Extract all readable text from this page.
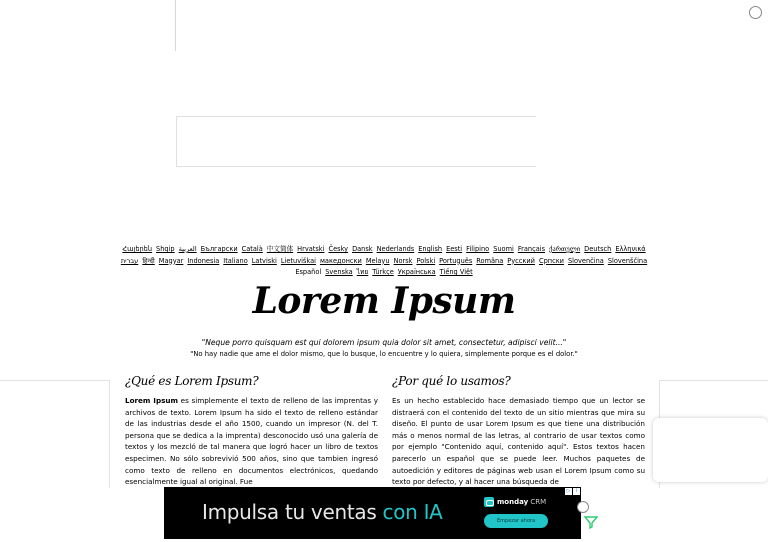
Հայերեն Shqip العربية Български Català 中文简体 Hrvatski Česky Dansk Nederlands English Eesti Filipino Suomi Français ქართული Deutsch Ελληνικά
עברית हिन्दी Magyar Indonesia Italiano Latviski Lietuviškai македонски Melayu Norsk Polski Português Româna Pyccкий Српски Slovenčina Slovenščina
Español Svenska ไทย Türkçe Українська Tiếng Việt
Lorem Ipsum
"Neque porro quisquam est qui dolorem ipsum quia dolor sit amet, consectetur, adipisci velit..."
"No hay nadie que ame el dolor mismo, que lo busque, lo encuentre y lo quiera, simplemente porque es el dolor."
¿Qué es Lorem Ipsum?

Lorem Ipsum es simplemente el texto de relleno de las imprentas y archivos de texto. Lorem Ipsum ha sido el texto de relleno estándar de las industrias desde el año 1500, cuando un impresor (N. del T. persona que se dedica a la imprenta) desconocido usó una galería de textos y los mezcló de tal manera que logró hacer un libro de textos especimen. No sólo sobrevivió 500 años, sino que tambien ingresó como texto de relleno en documentos electrónicos, quedando esencialmente igual al original. Fue

¿Por qué lo usamos?

Es un hecho establecido hace demasiado tiempo que un lector se distraerá con el contenido del texto de un sitio mientras que mira su diseño. El punto de usar Lorem Ipsum es que tiene una distribución más o menos normal de las letras, al contrario de usar textos como por ejemplo "Contenido aquí, contenido aquí". Estos textos hacen parecerlo un español que se puede leer. Muchos paquetes de autoedición y editores de páginas web usan el Lorem Ipsum como su texto por defecto, y al hacer una búsqueda de

Impulsa tu ventas con IA	monday CRM
Empezar ahora
▷	i
